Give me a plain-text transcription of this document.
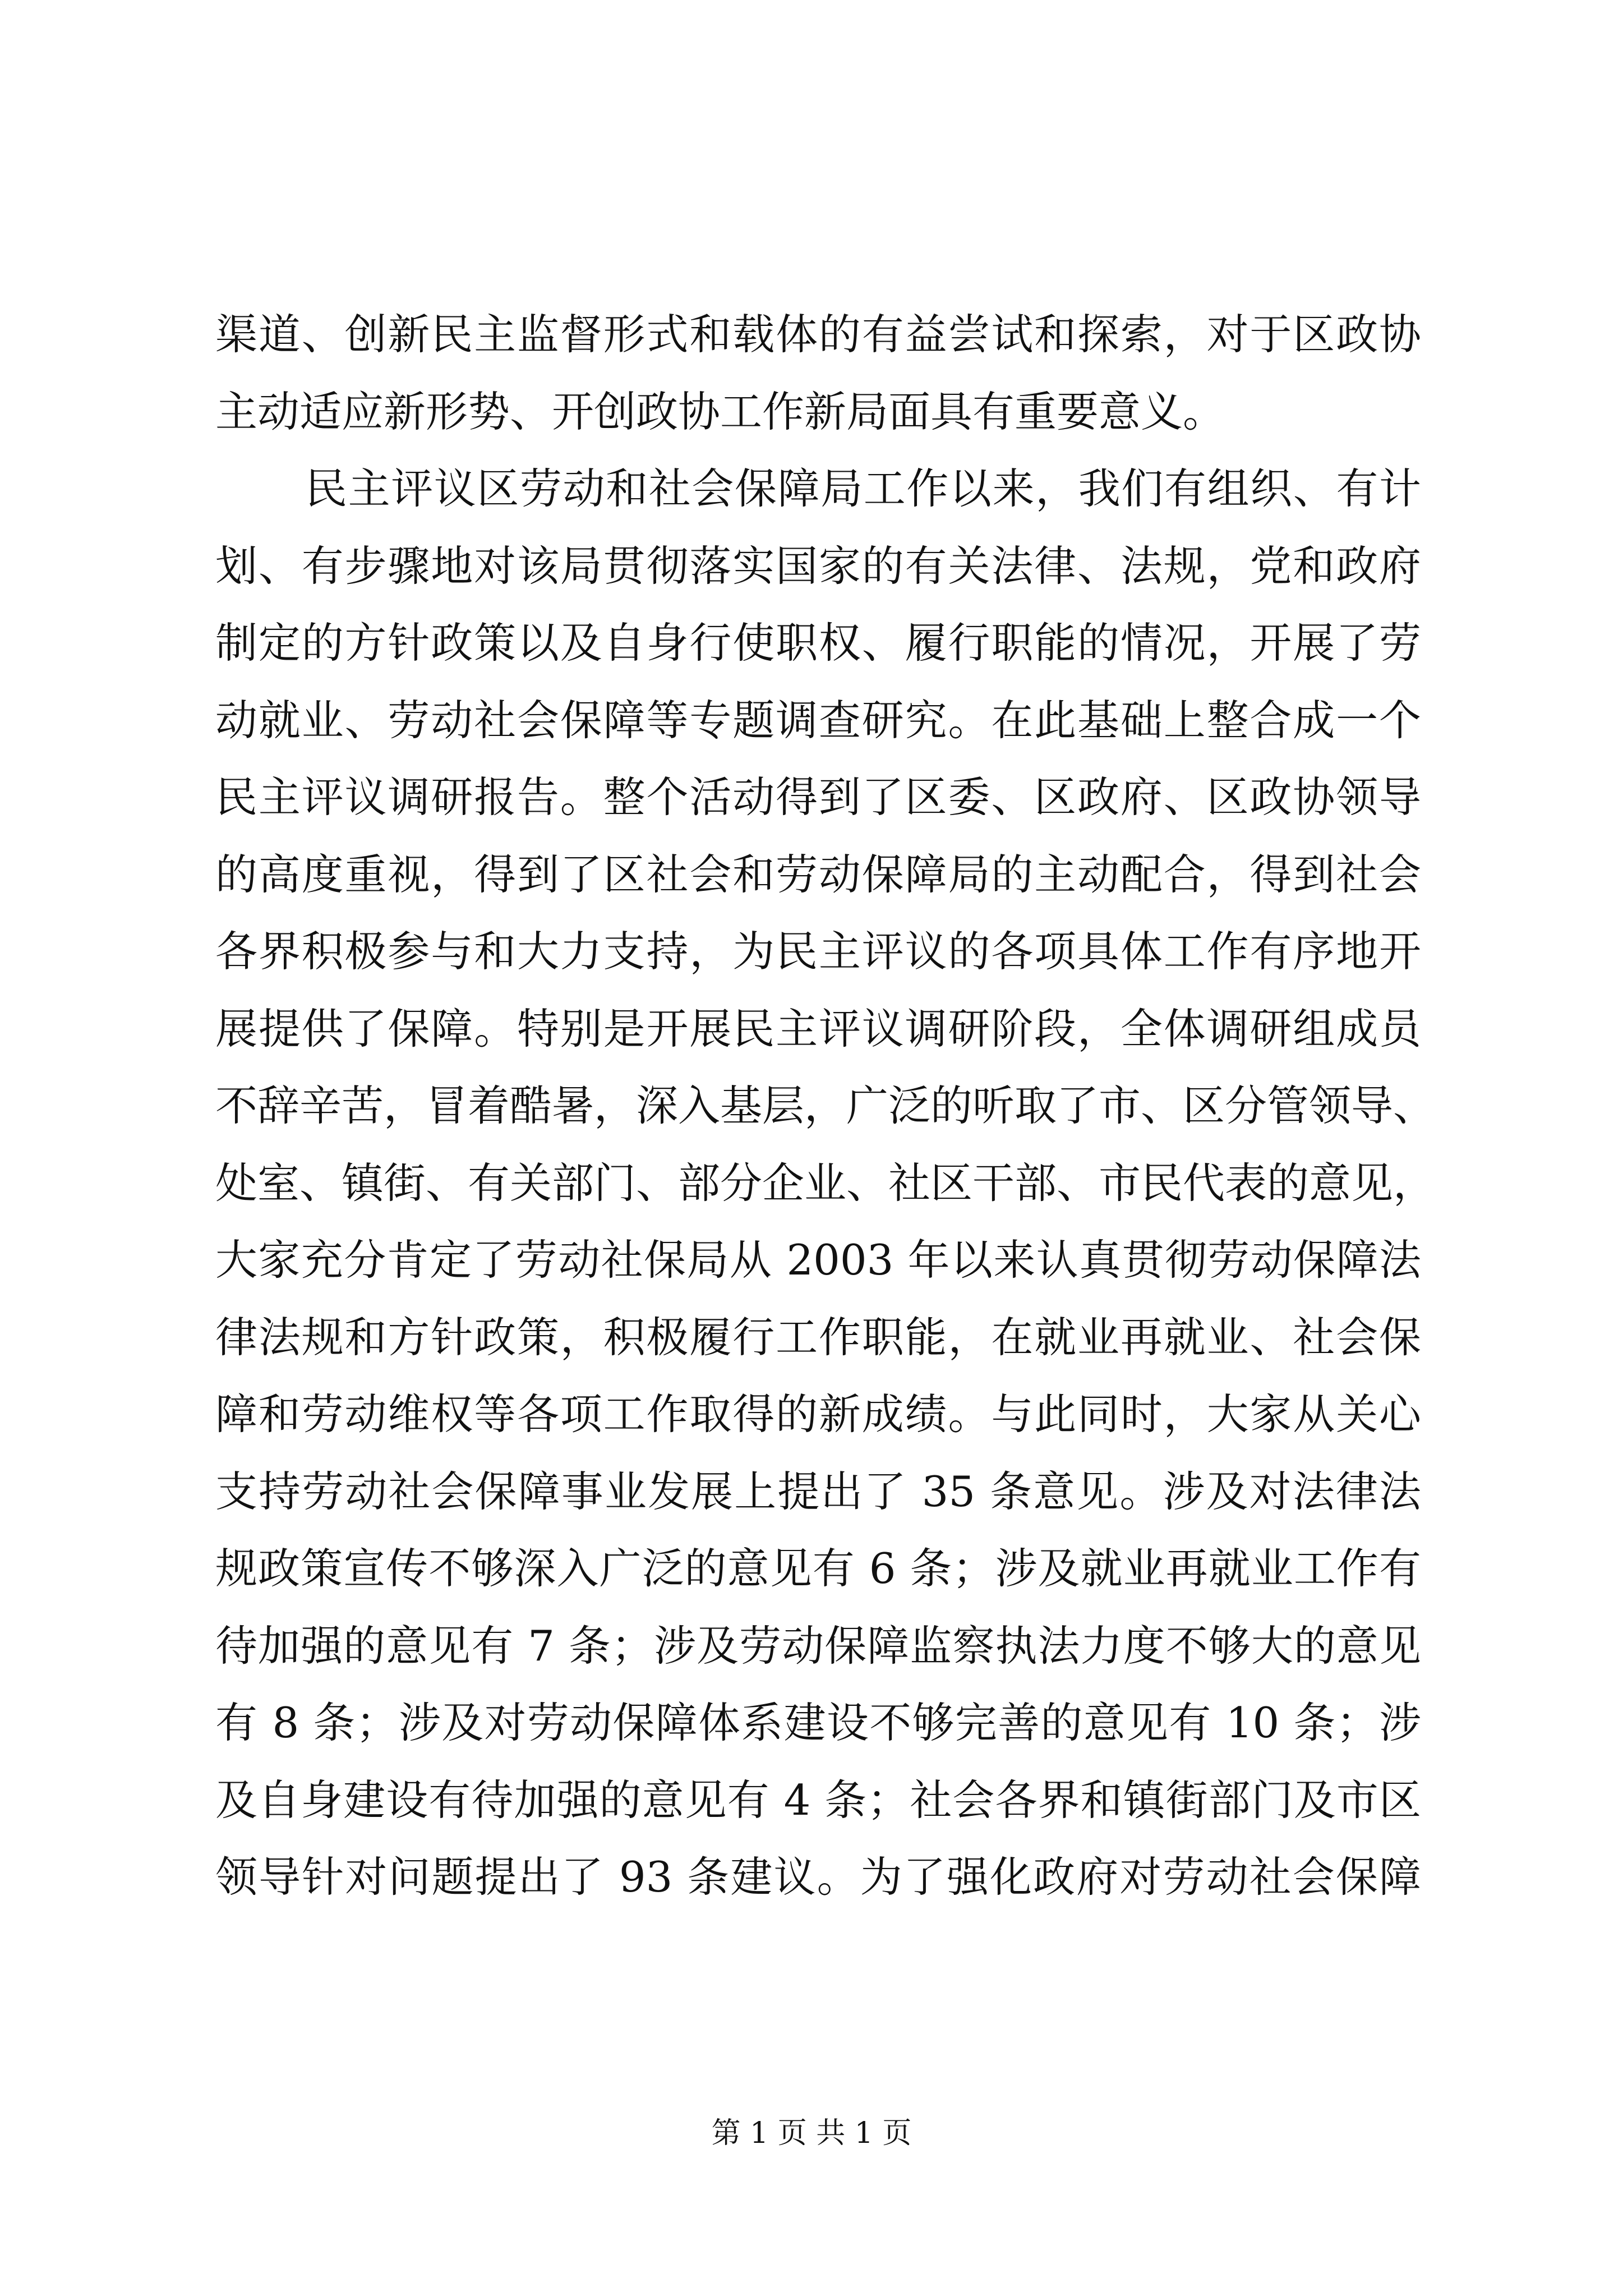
渠道、创新民主监督形式和载体的有益尝试和探索，对于区政协
主动适应新形势、开创政协工作新局面具有重要意义。
民主评议区劳动和社会保障局工作以来，我们有组织、有计
划、有步骤地对该局贯彻落实国家的有关法律、法规，党和政府
制定的方针政策以及自身行使职权、履行职能的情况，开展了劳
动就业、劳动社会保障等专题调查研究。在此基础上整合成一个
民主评议调研报告。整个活动得到了区委、区政府、区政协领导
的高度重视，得到了区社会和劳动保障局的主动配合，得到社会
各界积极参与和大力支持，为民主评议的各项具体工作有序地开
展提供了保障。特别是开展民主评议调研阶段，全体调研组成员
不辞辛苦，冒着酷暑，深入基层，广泛的听取了市、区分管领导、
处室、镇街、有关部门、部分企业、社区干部、市民代表的意见，
大家充分肯定了劳动社保局从 2003 年以来认真贯彻劳动保障法
律法规和方针政策，积极履行工作职能，在就业再就业、社会保
障和劳动维权等各项工作取得的新成绩。与此同时，大家从关心
支持劳动社会保障事业发展上提出了 35 条意见。涉及对法律法
规政策宣传不够深入广泛的意见有 6 条；涉及就业再就业工作有
待加强的意见有 7 条；涉及劳动保障监察执法力度不够大的意见
有 8 条；涉及对劳动保障体系建设不够完善的意见有 10 条；涉
及自身建设有待加强的意见有 4 条；社会各界和镇街部门及市区
领导针对问题提出了 93 条建议。为了强化政府对劳动社会保障
第 1 页 共 1 页
